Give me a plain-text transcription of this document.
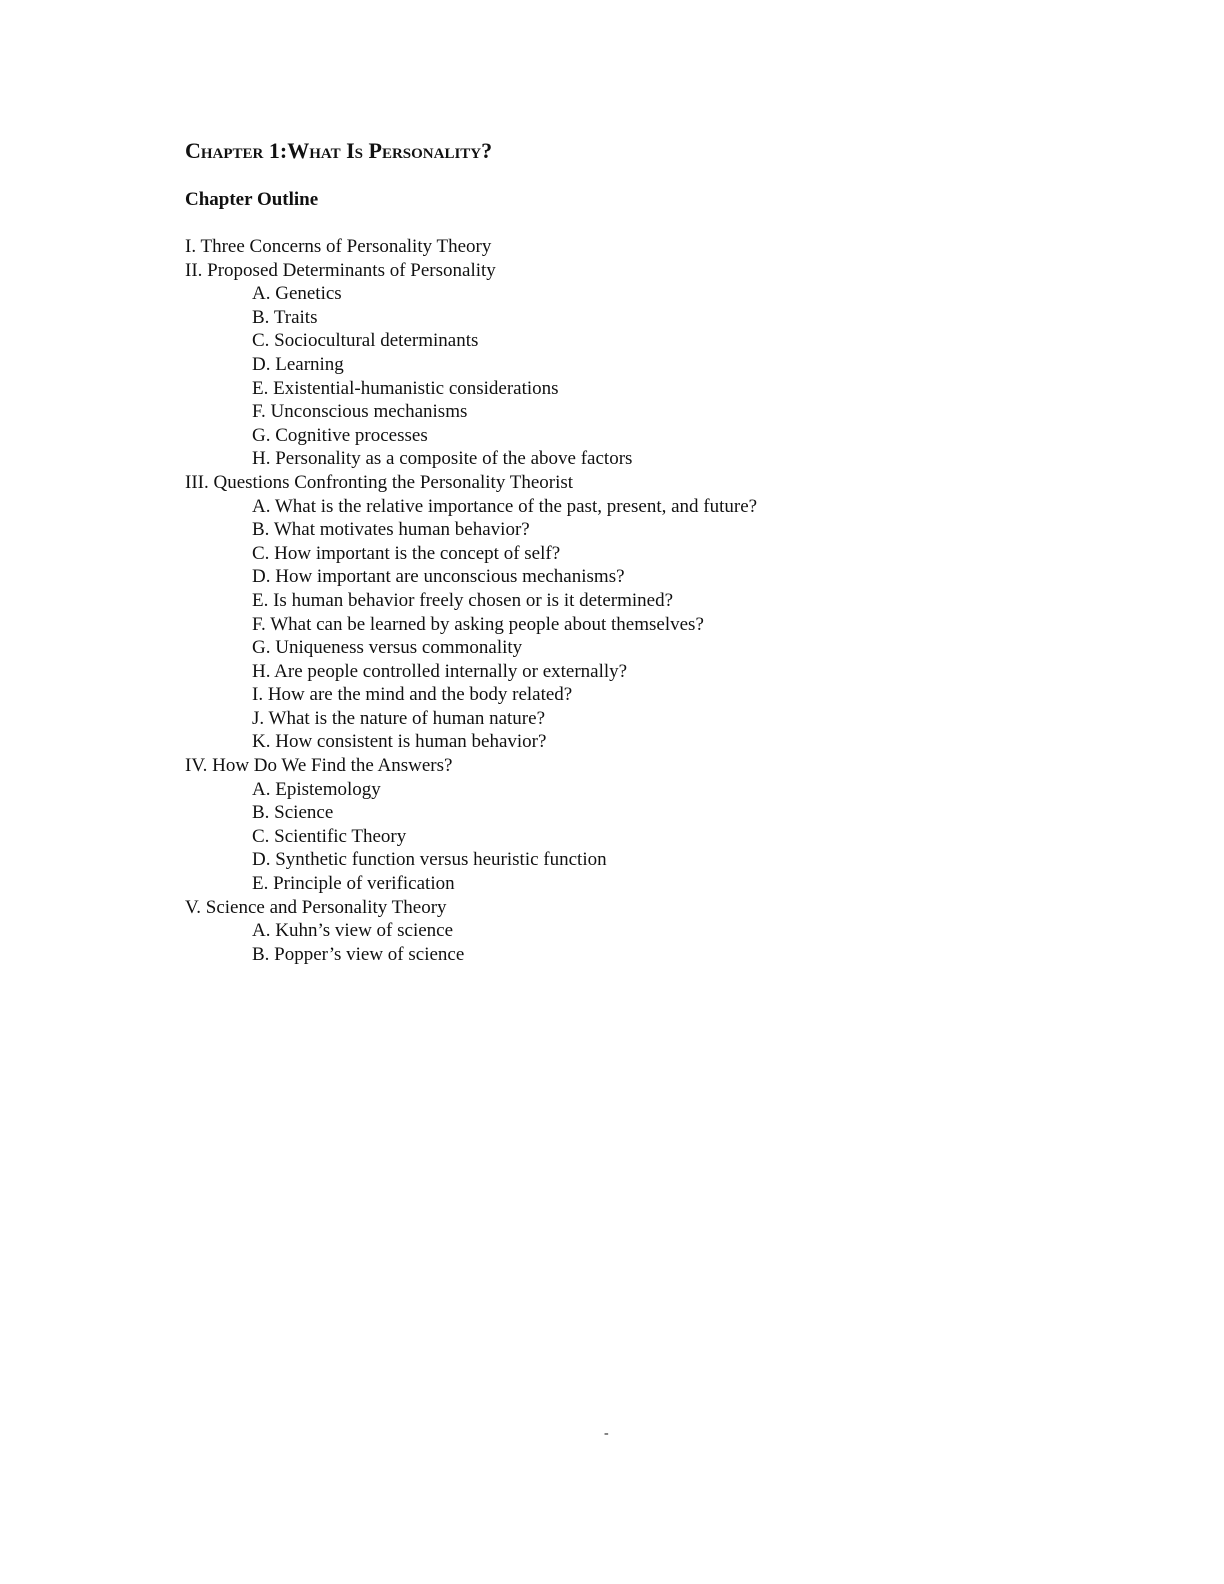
Chapter 1:What Is Personality?
Chapter Outline
I. Three Concerns of Personality Theory
II. Proposed Determinants of Personality
A. Genetics
B. Traits
C. Sociocultural determinants
D. Learning
E. Existential-humanistic considerations
F. Unconscious mechanisms
G. Cognitive processes
H. Personality as a composite of the above factors
III. Questions Confronting the Personality Theorist
A. What is the relative importance of the past, present, and future?
B. What motivates human behavior?
C. How important is the concept of self?
D. How important are unconscious mechanisms?
E. Is human behavior freely chosen or is it determined?
F. What can be learned by asking people about themselves?
G. Uniqueness versus commonality
H. Are people controlled internally or externally?
I. How are the mind and the body related?
J. What is the nature of human nature?
K. How consistent is human behavior?
IV. How Do We Find the Answers?
A. Epistemology
B. Science
C. Scientific Theory
D. Synthetic function versus heuristic function
E. Principle of verification
V. Science and Personality Theory
A. Kuhn’s view of science
B. Popper’s view of science
-
